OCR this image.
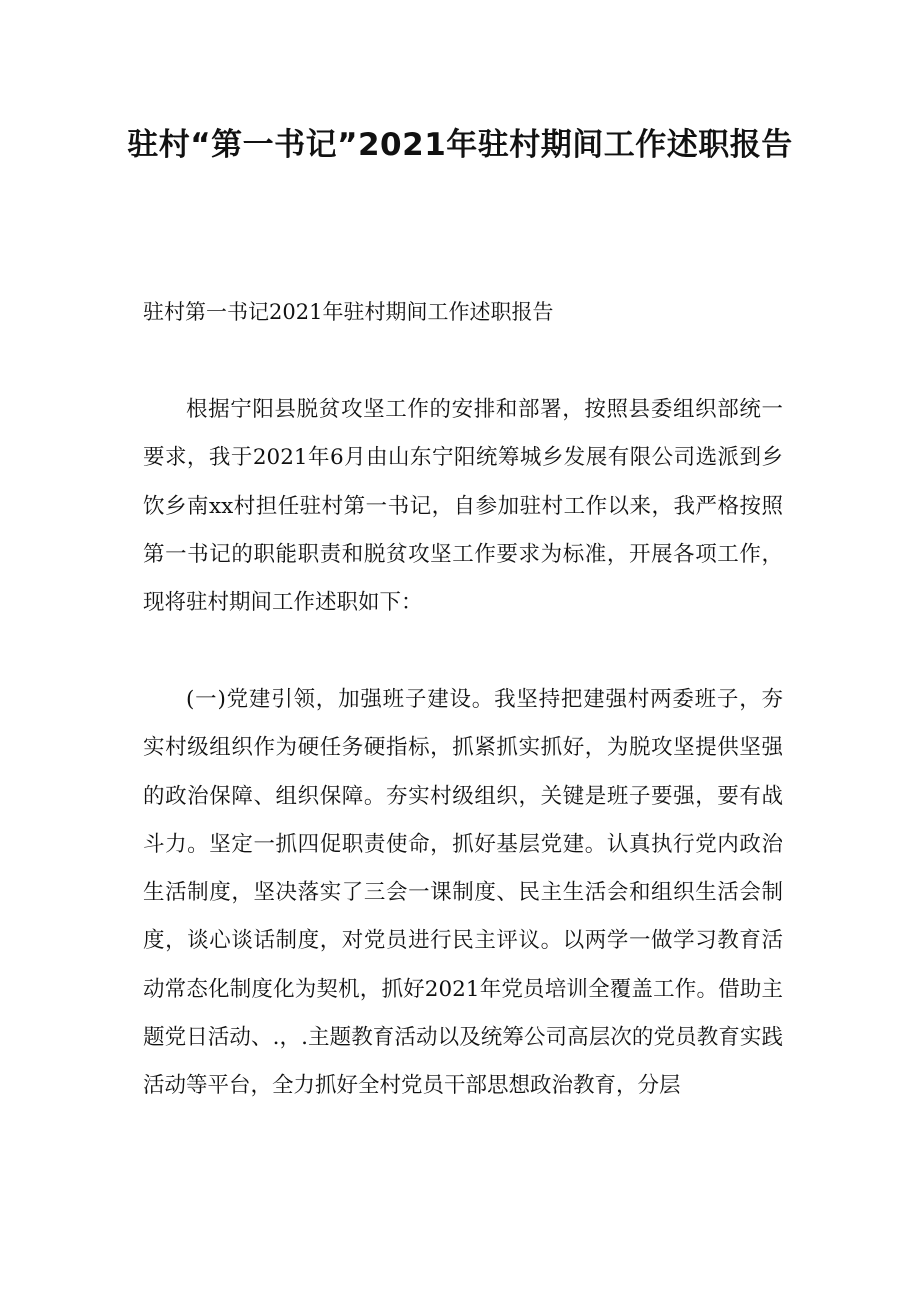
驻村“第一书记”2021年驻村期间工作述职报告

驻村第一书记2021年驻村期间工作述职报告

根据宁阳县脱贫攻坚工作的安排和部署，按照县委组织部统一要求，我于2021年6月由山东宁阳统筹城乡发展有限公司选派到乡饮乡南xx村担任驻村第一书记，自参加驻村工作以来，我严格按照第一书记的职能职责和脱贫攻坚工作要求为标准，开展各项工作，现将驻村期间工作述职如下：

(一)党建引领，加强班子建设。我坚持把建强村两委班子，夯实村级组织作为硬任务硬指标，抓紧抓实抓好，为脱攻坚提供坚强的政治保障、组织保障。夯实村级组织，关键是班子要强，要有战斗力。坚定一抓四促职责使命，抓好基层党建。认真执行党内政治生活制度，坚决落实了三会一课制度、民主生活会和组织生活会制度，谈心谈话制度，对党员进行民主评议。以两学一做学习教育活动常态化制度化为契机，抓好2021年党员培训全覆盖工作。借助主题党日活动、.，.主题教育活动以及统筹公司高层次的党员教育实践活动等平台，全力抓好全村党员干部思想政治教育，分层
